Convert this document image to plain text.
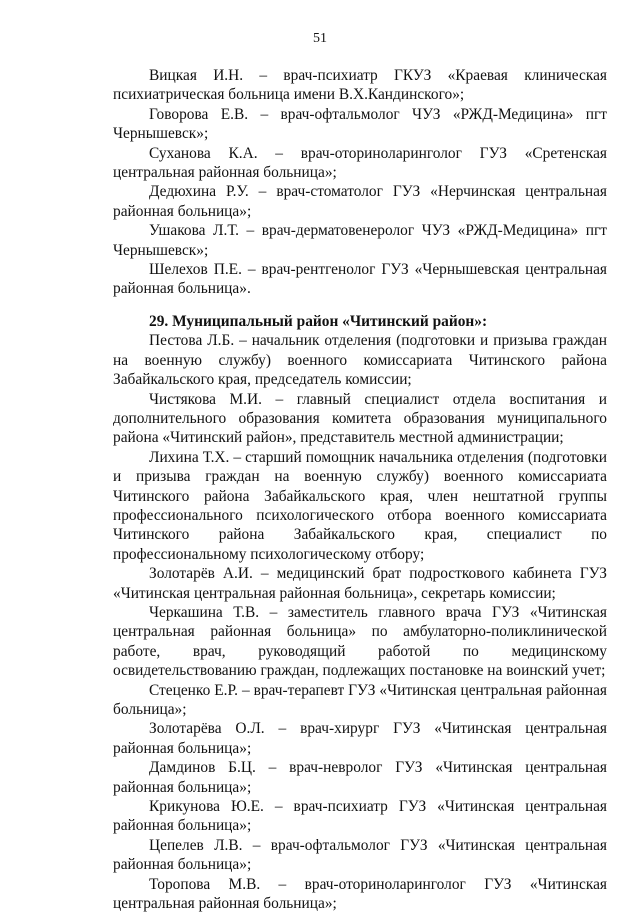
51

Вицкая И.Н. – врач-психиатр ГКУЗ «Краевая клиническая психиатрическая больница имени В.Х.Кандинского»;

Говорова Е.В. – врач-офтальмолог ЧУЗ «РЖД-Медицина» пгт Чернышевск»;

Суханова К.А. – врач-оториноларинголог ГУЗ «Сретенская центральная районная больница»;

Дедюхина Р.У. – врач-стоматолог ГУЗ «Нерчинская центральная районная больница»;

Ушакова Л.Т. – врач-дерматовенеролог ЧУЗ «РЖД-Медицина» пгт Чернышевск»;

Шелехов П.Е. – врач-рентгенолог ГУЗ «Чернышевская центральная районная больница».

29. Муниципальный район «Читинский район»:

Пестова Л.Б. – начальник отделения (подготовки и призыва граждан на военную службу) военного комиссариата Читинского района Забайкальского края, председатель комиссии;

Чистякова М.И. – главный специалист отдела воспитания и дополнительного образования комитета образования муниципального района «Читинский район», представитель местной администрации;

Лихина Т.Х. – старший помощник начальника отделения (подготовки и призыва граждан на военную службу) военного комиссариата Читинского района Забайкальского края, член нештатной группы профессионального психологического отбора военного комиссариата Читинского района Забайкальского края, специалист по профессиональному психологическому отбору;

Золотарёв А.И. – медицинский брат подросткового кабинета ГУЗ «Читинская центральная районная больница», секретарь комиссии;

Черкашина Т.В. – заместитель главного врача ГУЗ «Читинская центральная районная больница» по амбулаторно-поликлинической работе, врач, руководящий работой по медицинскому освидетельствованию граждан, подлежащих постановке на воинский учет;

Стеценко Е.Р. – врач-терапевт ГУЗ «Читинская центральная районная больница»;

Золотарёва О.Л. – врач-хирург ГУЗ «Читинская центральная районная больница»;

Дамдинов Б.Ц. – врач-невролог ГУЗ «Читинская центральная районная больница»;

Крикунова Ю.Е. – врач-психиатр ГУЗ «Читинская центральная районная больница»;

Цепелев Л.В. – врач-офтальмолог ГУЗ «Читинская центральная районная больница»;

Торопова М.В. – врач-оториноларинголог ГУЗ «Читинская центральная районная больница»;
